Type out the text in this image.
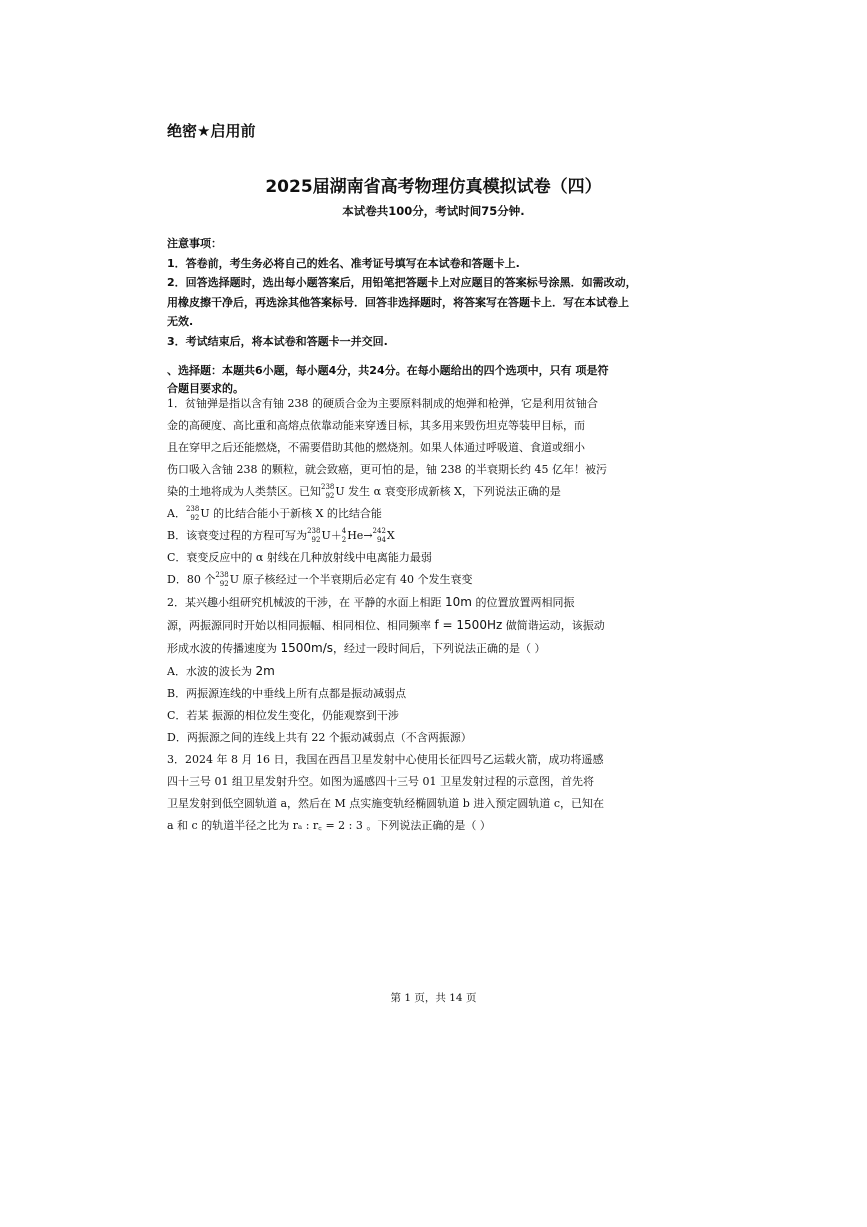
绝密★启用前
2025届湖南省高考物理仿真模拟试卷（四）
本试卷共100分，考试时间75分钟.
注意事项：
1．答卷前，考生务必将自己的姓名、准考证号填写在本试卷和答题卡上.
2．回答选择题时，选出每小题答案后，用铅笔把答题卡上对应题目的答案标号涂黑．如需改动，
用橡皮擦干净后，再选涂其他答案标号．回答非选择题时，将答案写在答题卡上．写在本试卷上
无效.
3．考试结束后，将本试卷和答题卡一并交回.
、选择题：本题共6小题，每小题4分，共24分。在每小题给出的四个选项中，只有 项是符
合题目要求的。

1．贫铀弹是指以含有铀 238 的硬质合金为主要原料制成的炮弹和枪弹，它是利用贫铀合

金的高硬度、高比重和高熔点依靠动能来穿透目标，其多用来毁伤坦克等装甲目标，而

且在穿甲之后还能燃烧，不需要借助其他的燃烧剂。如果人体通过呼吸道、食道或细小

伤口吸入含铀 238 的颗粒，就会致癌，更可怕的是，铀 238 的半衰期长约 45 亿年！被污

染的土地将成为人类禁区。已知 238
92 U 发生 α 衰变形成新核 X，下列说法正确的是

A． 238
92 U 的比结合能小于新核 X 的比结合能

B．该衰变过程的方程可写为 238
92 U＋ 4
2 He→ 242
94 X

C．衰变反应中的 α 射线在几种放射线中电离能力最弱

D．80 个 238
92 U 原子核经过一个半衰期后必定有 40 个发生衰变

2．某兴趣小组研究机械波的干涉，在 平静的水面上相距 10m 的位置放置两相同振

源，两振源同时开始以相同振幅、相同相位、相同频率 f = 1500Hz 做简谐运动，该振动

形成水波的传播速度为 1500m/s，经过一段时间后，下列说法正确的是（ ）

A．水波的波长为 2m

B．两振源连线的中垂线上所有点都是振动减弱点

C．若某 振源的相位发生变化，仍能观察到干涉

D．两振源之间的连线上共有 22 个振动减弱点（不含两振源）

3．2024 年 8 月 16 日，我国在西昌卫星发射中心使用长征四号乙运载火箭，成功将遥感

四十三号 01 组卫星发射升空。如图为遥感四十三号 01 卫星发射过程的示意图，首先将

卫星发射到低空圆轨道 a，然后在 M 点实施变轨经椭圆轨道 b 进入预定圆轨道 c，已知在

a 和 c 的轨道半径之比为 rₐ : r꜀ = 2 : 3 。下列说法正确的是（ ）

第 1 页，共 14 页
